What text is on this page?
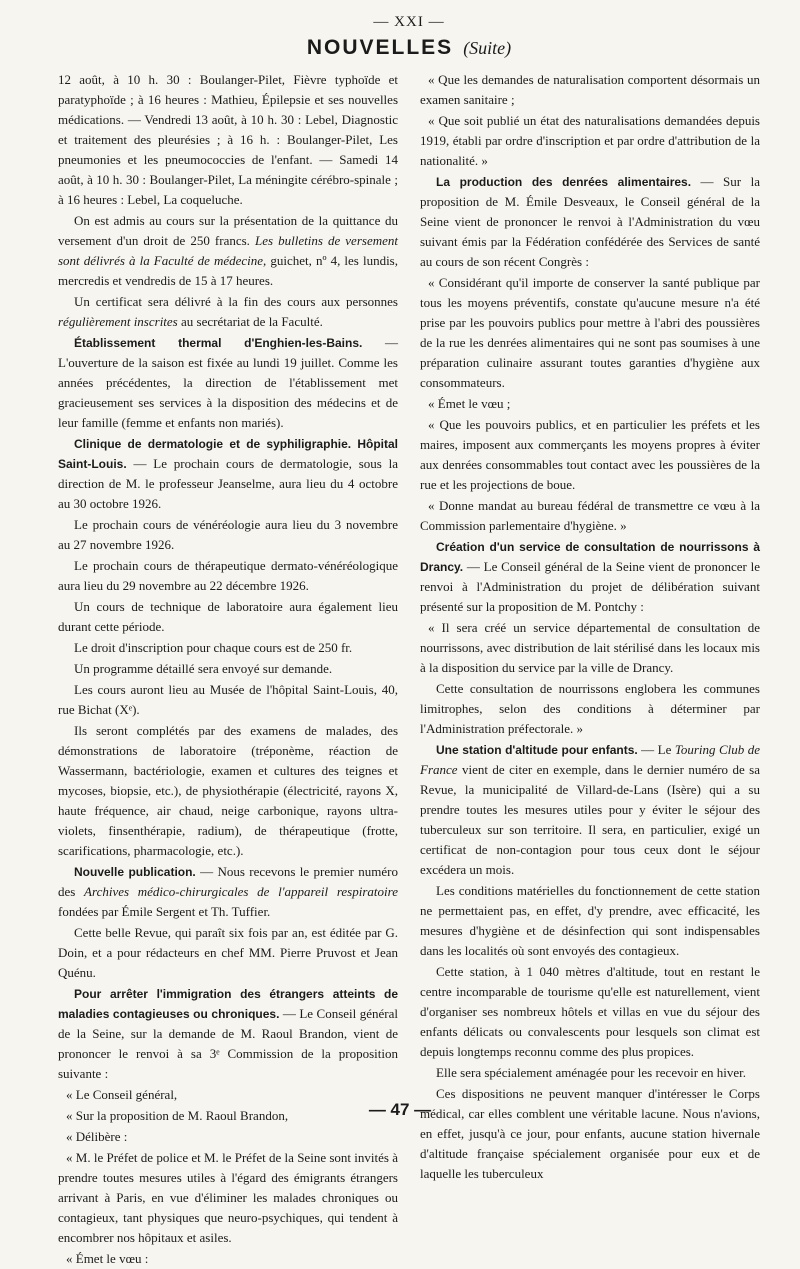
— XXI —
NOUVELLES (Suite)

12 août, à 10 h. 30 : Boulanger-Pilet, Fièvre typhoïde et paratyphoïde ; à 16 heures : Mathieu, Épilepsie et ses nouvelles médications. — Vendredi 13 août, à 10 h. 30 : Lebel, Diagnostic et traitement des pleurésies ; à 16 h. : Boulanger-Pilet, Les pneumonies et les pneumococcies de l'enfant. — Samedi 14 août, à 10 h. 30 : Boulanger-Pilet, La méningite cérébro-spinale ; à 16 heures : Lebel, La coqueluche.

On est admis au cours sur la présentation de la quittance du versement d'un droit de 250 francs. Les bulletins de versement sont délivrés à la Faculté de médecine, guichet, nº 4, les lundis, mercredis et vendredis de 15 à 17 heures.

Un certificat sera délivré à la fin des cours aux personnes régulièrement inscrites au secrétariat de la Faculté.

Établissement thermal d'Enghien-les-Bains. — L'ouverture de la saison est fixée au lundi 19 juillet. Comme les années précédentes, la direction de l'établissement met gracieusement ses services à la disposition des médecins et de leur famille (femme et enfants non mariés).

Clinique de dermatologie et de syphiligraphie. Hôpital Saint-Louis. — Le prochain cours de dermatologie, sous la direction de M. le professeur Jeanselme, aura lieu du 4 octobre au 30 octobre 1926.

Le prochain cours de vénéréologie aura lieu du 3 novembre au 27 novembre 1926.

Le prochain cours de thérapeutique dermato-vénéréologique aura lieu du 29 novembre au 22 décembre 1926.

Un cours de technique de laboratoire aura également lieu durant cette période.

Le droit d'inscription pour chaque cours est de 250 fr.

Un programme détaillé sera envoyé sur demande.

Les cours auront lieu au Musée de l'hôpital Saint-Louis, 40, rue Bichat (Xᵉ).

Ils seront complétés par des examens de malades, des démonstrations de laboratoire (tréponème, réaction de Wassermann, bactériologie, examen et cultures des teignes et mycoses, biopsie, etc.), de physiothérapie (électricité, rayons X, haute fréquence, air chaud, neige carbonique, rayons ultra-violets, finsenthérapie, radium), de thérapeutique (frotte, scarifications, pharmacologie, etc.).

Nouvelle publication. — Nous recevons le premier numéro des Archives médico-chirurgicales de l'appareil respiratoire fondées par Émile Sergent et Th. Tuffier.

Cette belle Revue, qui paraît six fois par an, est éditée par G. Doin, et a pour rédacteurs en chef MM. Pierre Pruvost et Jean Quénu.

Pour arrêter l'immigration des étrangers atteints de maladies contagieuses ou chroniques. — Le Conseil général de la Seine, sur la demande de M. Raoul Brandon, vient de prononcer le renvoi à sa 3ᵉ Commission de la proposition suivante :

« Le Conseil général,

« Sur la proposition de M. Raoul Brandon,

« Délibère :

« M. le Préfet de police et M. le Préfet de la Seine sont invités à prendre toutes mesures utiles à l'égard des émigrants étrangers arrivant à Paris, en vue d'éliminer les malades chroniques ou contagieux, tant physiques que neuro-psychiques, qui tendent à encombrer nos hôpitaux et asiles.

« Émet le vœu :

« Que les demandes de naturalisation comportent désormais un examen sanitaire ;

« Que soit publié un état des naturalisations demandées depuis 1919, établi par ordre d'inscription et par ordre d'attribution de la nationalité. »

La production des denrées alimentaires. — Sur la proposition de M. Émile Desveaux, le Conseil général de la Seine vient de prononcer le renvoi à l'Administration du vœu suivant émis par la Fédération confédérée des Services de santé au cours de son récent Congrès :

« Considérant qu'il importe de conserver la santé publique par tous les moyens préventifs, constate qu'aucune mesure n'a été prise par les pouvoirs publics pour mettre à l'abri des poussières de la rue les denrées alimentaires qui ne sont pas soumises à une préparation culinaire assurant toutes garanties d'hygiène aux consommateurs.

« Émet le vœu ;

« Que les pouvoirs publics, et en particulier les préfets et les maires, imposent aux commerçants les moyens propres à éviter aux denrées consommables tout contact avec les poussières de la rue et les projections de boue.

« Donne mandat au bureau fédéral de transmettre ce vœu à la Commission parlementaire d'hygiène. »

Création d'un service de consultation de nourrissons à Drancy. — Le Conseil général de la Seine vient de prononcer le renvoi à l'Administration du projet de délibération suivant présenté sur la proposition de M. Pontchy :

« Il sera créé un service départemental de consultation de nourrissons, avec distribution de lait stérilisé dans les locaux mis à la disposition du service par la ville de Drancy.

Cette consultation de nourrissons englobera les communes limitrophes, selon des conditions à déterminer par l'Administration préfectorale. »

Une station d'altitude pour enfants. — Le Touring Club de France vient de citer en exemple, dans le dernier numéro de sa Revue, la municipalité de Villard-de-Lans (Isère) qui a su prendre toutes les mesures utiles pour y éviter le séjour des tuberculeux sur son territoire. Il sera, en particulier, exigé un certificat de non-contagion pour tous ceux dont le séjour excédera un mois.

Les conditions matérielles du fonctionnement de cette station ne permettaient pas, en effet, d'y prendre, avec efficacité, les mesures d'hygiène et de désinfection qui sont indispensables dans les localités où sont envoyés des contagieux.

Cette station, à 1 040 mètres d'altitude, tout en restant le centre incomparable de tourisme qu'elle est naturellement, vient d'organiser ses nombreux hôtels et villas en vue du séjour des enfants délicats ou convalescents pour lesquels son climat est depuis longtemps reconnu comme des plus propices.

Elle sera spécialement aménagée pour les recevoir en hiver.

Ces dispositions ne peuvent manquer d'intéresser le Corps médical, car elles comblent une véritable lacune. Nous n'avions, en effet, jusqu'à ce jour, pour enfants, aucune station hivernale d'altitude française spécialement organisée pour eux et de laquelle les tuberculeux

— 47 —
